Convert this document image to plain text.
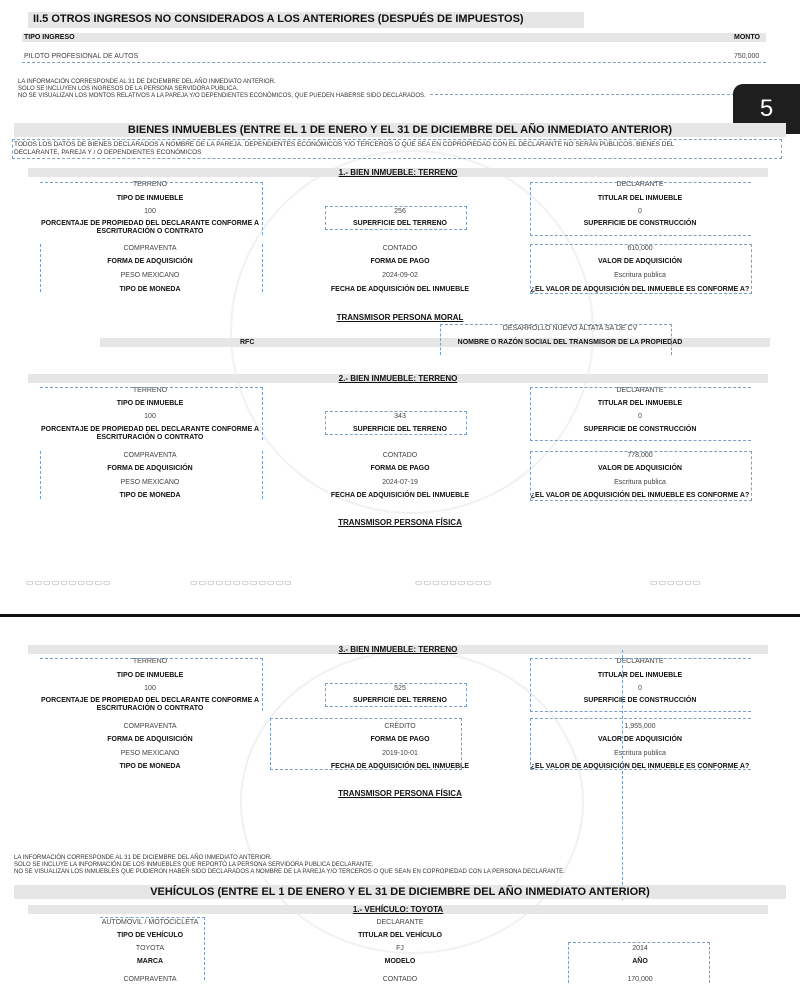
II.5 OTROS INGRESOS NO CONSIDERADOS A LOS ANTERIORES (DESPUÉS DE IMPUESTOS)
TIPO INGRESO	MONTO
PILOTO PROFESIONAL DE AUTOS	750,000
LA INFORMACIÓN CORRESPONDE AL 31 DE DICIEMBRE DEL AÑO INMEDIATO ANTERIOR.
SOLO SE INCLUYEN LOS INGRESOS DE LA PERSONA SERVIDORA PUBLICA.
NO SE VISUALIZAN LOS MONTOS RELATIVOS A LA PAREJA Y/O DEPENDIENTES ECONÓMICOS, QUE PUEDEN HABERSE SIDO DECLARADOS.	5
BIENES INMUEBLES (ENTRE EL 1 DE ENERO Y EL 31 DE DICIEMBRE DEL AÑO INMEDIATO ANTERIOR)
TODOS LOS DATOS DE BIENES DECLARADOS A NOMBRE DE LA PAREJA, DEPENDIENTES ECONÓMICOS Y/O TERCEROS O QUE SEA EN COPROPIEDAD CON EL DECLARANTE NO SERÁN PÚBLICOS. BIENES DEL
DECLARANTE, PAREJA Y / O DEPENDIENTES ECONÓMICOS
1.- BIEN INMUEBLE: TERRENO
TERRENO
TIPO DE INMUEBLE
DECLARANTE
TITULAR DEL INMUEBLE
100
PORCENTAJE DE PROPIEDAD DEL DECLARANTE CONFORME A
ESCRITURACIÓN O CONTRATO
256
SUPERFICIE DEL TERRENO
0
SUPERFICIE DE CONSTRUCCIÓN
COMPRAVENTA
FORMA DE ADQUISICIÓN
CONTADO
FORMA DE PAGO
610,000
VALOR DE ADQUISICIÓN
PESO MEXICANO
TIPO DE MONEDA
2024-09-02
FECHA DE ADQUISICIÓN DEL INMUEBLE
Escritura publica
¿EL VALOR DE ADQUISICIÓN DEL INMUEBLE ES CONFORME A?
TRANSMISOR PERSONA MORAL
DESARROLLO NUEVO ALTATA SA DE CV
RFC	NOMBRE O RAZÓN SOCIAL DEL TRANSMISOR DE LA PROPIEDAD
2.- BIEN INMUEBLE: TERRENO
TERRENO
TIPO DE INMUEBLE
DECLARANTE
TITULAR DEL INMUEBLE
100
PORCENTAJE DE PROPIEDAD DEL DECLARANTE CONFORME A
ESCRITURACIÓN O CONTRATO
343
SUPERFICIE DEL TERRENO
0
SUPERFICIE DE CONSTRUCCIÓN
COMPRAVENTA
FORMA DE ADQUISICIÓN
CONTADO
FORMA DE PAGO
778,000
VALOR DE ADQUISICIÓN
PESO MEXICANO
TIPO DE MONEDA
2024-07-19
FECHA DE ADQUISICIÓN DEL INMUEBLE
Escritura publica
¿EL VALOR DE ADQUISICIÓN DEL INMUEBLE ES CONFORME A?
TRANSMISOR PERSONA FÍSICA
▭▭▭▭▭▭▭▭▭▭	▭▭▭▭▭▭▭▭▭▭▭▭	▭▭▭▭▭▭▭▭▭	▭▭▭▭▭▭
3.- BIEN INMUEBLE: TERRENO
TERRENO
TIPO DE INMUEBLE
DECLARANTE
TITULAR DEL INMUEBLE
100
PORCENTAJE DE PROPIEDAD DEL DECLARANTE CONFORME A
ESCRITURACIÓN O CONTRATO
525
SUPERFICIE DEL TERRENO
0
SUPERFICIE DE CONSTRUCCIÓN
COMPRAVENTA
FORMA DE ADQUISICIÓN
CRÉDITO
FORMA DE PAGO
1,955,000
VALOR DE ADQUISICIÓN
PESO MEXICANO
TIPO DE MONEDA
2019-10-01
FECHA DE ADQUISICIÓN DEL INMUEBLE
Escritura publica
¿EL VALOR DE ADQUISICIÓN DEL INMUEBLE ES CONFORME A?
TRANSMISOR PERSONA FÍSICA
LA INFORMACIÓN CORRESPONDE AL 31 DE DICIEMBRE DEL AÑO INMEDIATO ANTERIOR.
SOLO SE INCLUYE LA INFORMACIÓN DE LOS INMUEBLES QUE REPORTÓ LA PERSONA SERVIDORA PUBLICA DECLARANTE.
NO SE VISUALIZAN LOS INMUEBLES QUE PUDIERON HABER SIDO DECLARADOS A NOMBRE DE LA PAREJA Y/O TERCEROS O QUE SEAN EN COPROPIEDAD CON LA PERSONA DECLARANTE.
VEHÍCULOS (ENTRE EL 1 DE ENERO Y EL 31 DE DICIEMBRE DEL AÑO INMEDIATO ANTERIOR)
1.- VEHÍCULO: TOYOTA
AUTOMÓVIL / MOTOCICLETA
TIPO DE VEHÍCULO
DECLARANTE
TITULAR DEL VEHÍCULO
TOYOTA
MARCA
FJ
MODELO
2014
AÑO
COMPRAVENTA	CONTADO	170,000
